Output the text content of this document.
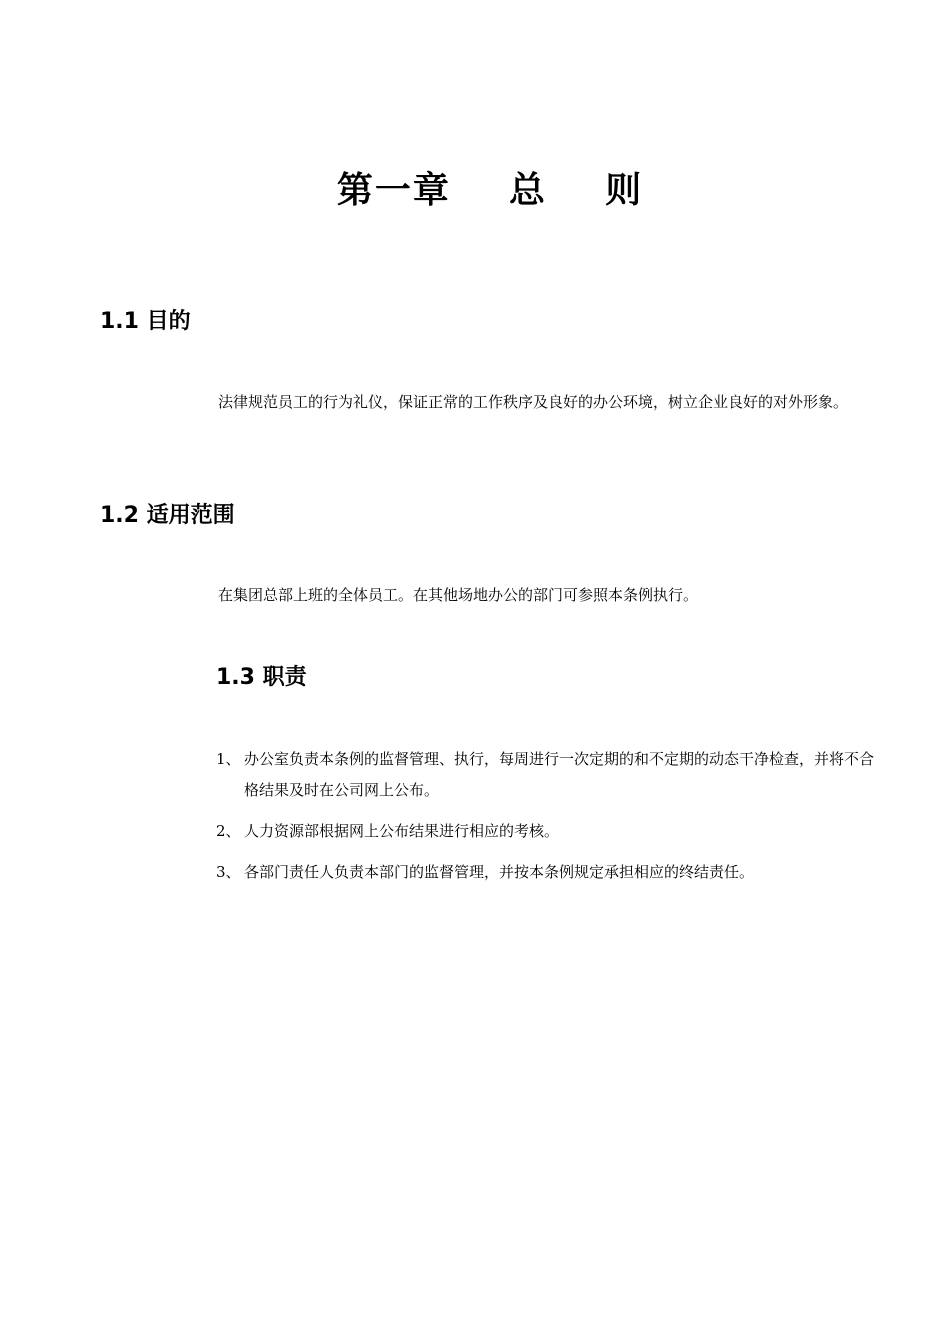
第一章    总    则
1.1 目的
法律规范员工的行为礼仪，保证正常的工作秩序及良好的办公环境，树立企业良好的对外形象。
1.2 适用范围
在集团总部上班的全体员工。在其他场地办公的部门可参照本条例执行。
1.3 职责
1、 办公室负责本条例的监督管理、执行，每周进行一次定期的和不定期的动态干净检查，并将不合格结果及时在公司网上公布。
2、 人力资源部根据网上公布结果进行相应的考核。
3、 各部门责任人负责本部门的监督管理，并按本条例规定承担相应的终结责任。
